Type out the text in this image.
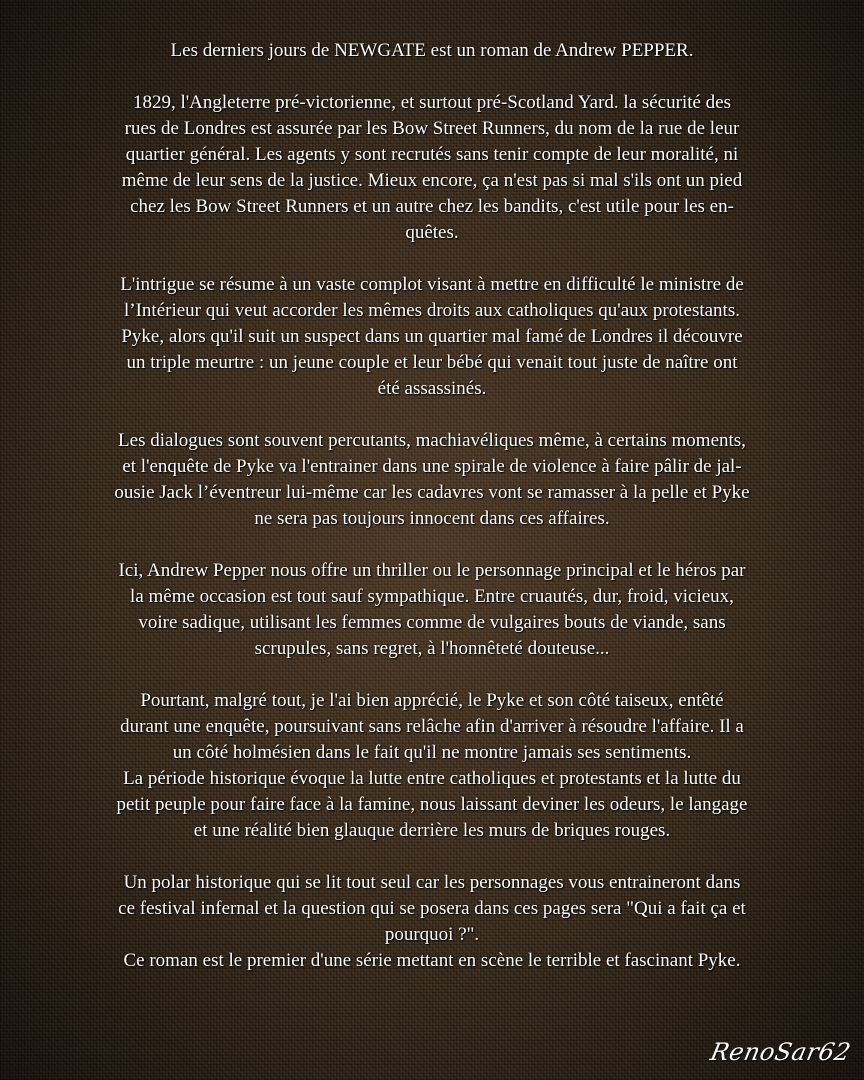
Les derniers jours de NEWGATE est un roman de Andrew PEPPER.

1829, l'Angleterre pré-victorienne, et surtout pré-Scotland Yard. la sécurité des
rues de Londres est assurée par les Bow Street Runners, du nom de la rue de leur
quartier général. Les agents y sont recrutés sans tenir compte de leur moralité, ni
même de leur sens de la justice. Mieux encore, ça n'est pas si mal s'ils ont un pied
chez les Bow Street Runners et un autre chez les bandits, c'est utile pour les en-
quêtes.

L'intrigue se résume à un vaste complot visant à mettre en difficulté le ministre de
l’Intérieur qui veut accorder les mêmes droits aux catholiques qu'aux protestants.
Pyke, alors qu'il suit un suspect dans un quartier mal famé de Londres il découvre
un triple meurtre : un jeune couple et leur bébé qui venait tout juste de naître ont
été assassinés.

Les dialogues sont souvent percutants, machiavéliques même, à certains moments,
et l'enquête de Pyke va l'entrainer dans une spirale de violence à faire pâlir de jal-
ousie Jack l’éventreur lui-même car les cadavres vont se ramasser à la pelle et Pyke
ne sera pas toujours innocent dans ces affaires.

Ici, Andrew Pepper nous offre un thriller ou le personnage principal et le héros par
la même occasion est tout sauf sympathique. Entre cruautés, dur, froid, vicieux,
voire sadique, utilisant les femmes comme de vulgaires bouts de viande, sans
scrupules, sans regret, à l'honnêteté douteuse...

Pourtant, malgré tout, je l'ai bien apprécié, le Pyke et son côté taiseux, entêté
durant une enquête, poursuivant sans relâche afin d'arriver à résoudre l'affaire. Il a
un côté holmésien dans le fait qu'il ne montre jamais ses sentiments.
La période historique évoque la lutte entre catholiques et protestants et la lutte du
petit peuple pour faire face à la famine, nous laissant deviner les odeurs, le langage
et une réalité bien glauque derrière les murs de briques rouges.

Un polar historique qui se lit tout seul car les personnages vous entraineront dans
ce festival infernal et la question qui se posera dans ces pages sera "Qui a fait ça et
pourquoi ?".
Ce roman est le premier d'une série mettant en scène le terrible et fascinant Pyke.

RenoSar62
